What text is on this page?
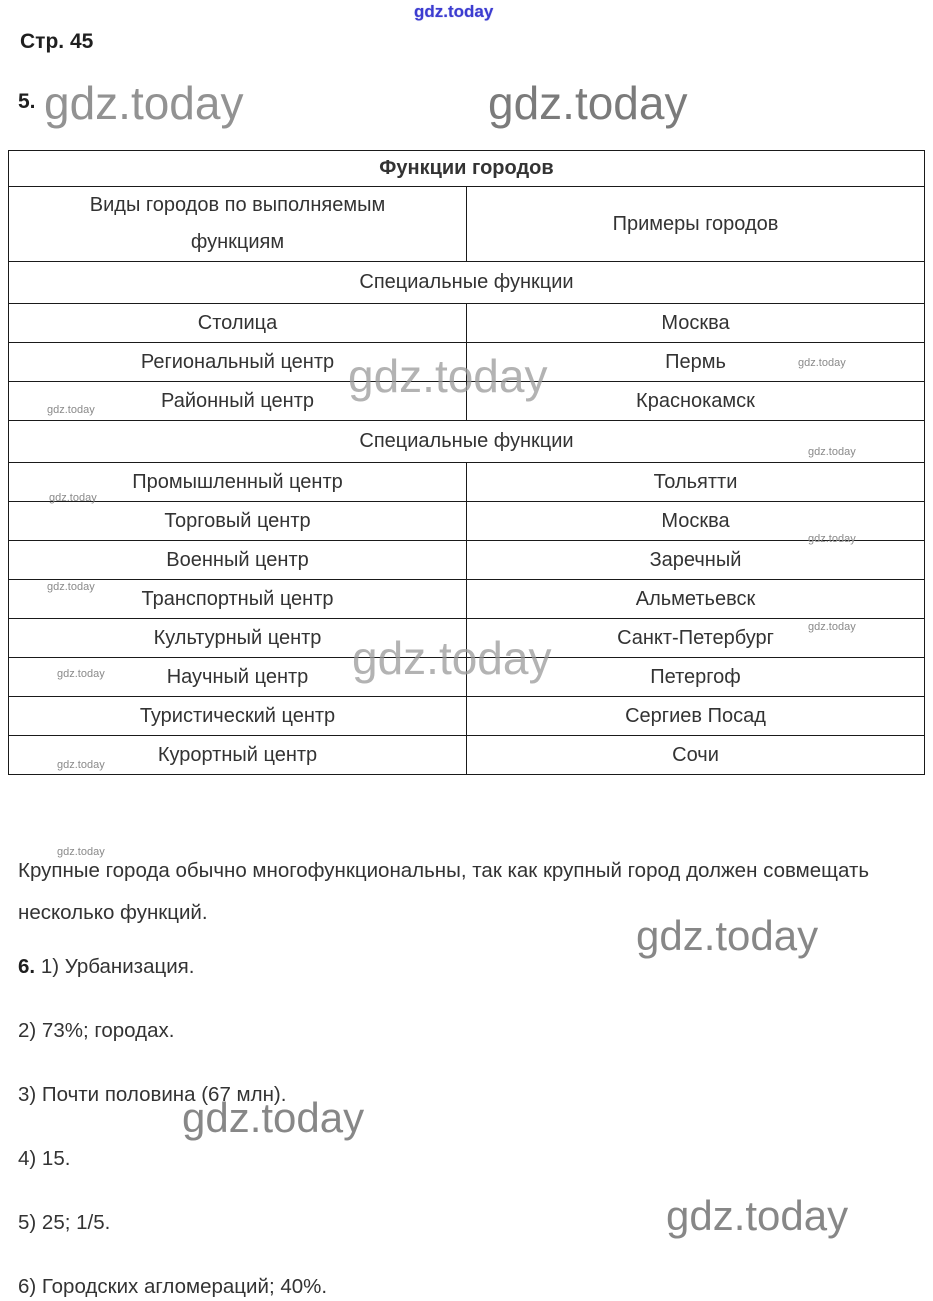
gdz.today
Стр. 45
5. gdz.today	gdz.today
gdz.today
gdz.today
gdz.today
gdz.today
gdz.today
gdz.today
gdz.today
gdz.today
gdz.today
gdz.today
gdz.today
gdz.today
gdz.today
gdz.today
gdz.today
Функции городов	
Виды городов по выполняемым функциям	Примеры городов
Специальные функции	
Столица	Москва
Региональный центр	Пермь
Районный центр	Краснокамск
Специальные функции	
Промышленный центр	Тольятти
Торговый центр	Москва
Военный центр	Заречный
Транспортный центр	Альметьевск
Культурный центр	Санкт-Петербург
Научный центр	Петергоф
Туристический центр	Сергиев Посад
Курортный центр	Сочи

Крупные города обычно многофункциональны, так как крупный город должен совмещать несколько функций.

6. 1) Урбанизация.
2) 73%; городах.
3) Почти половина (67 млн).
4) 15.
5) 25; 1/5.
6) Городских агломераций; 40%.
